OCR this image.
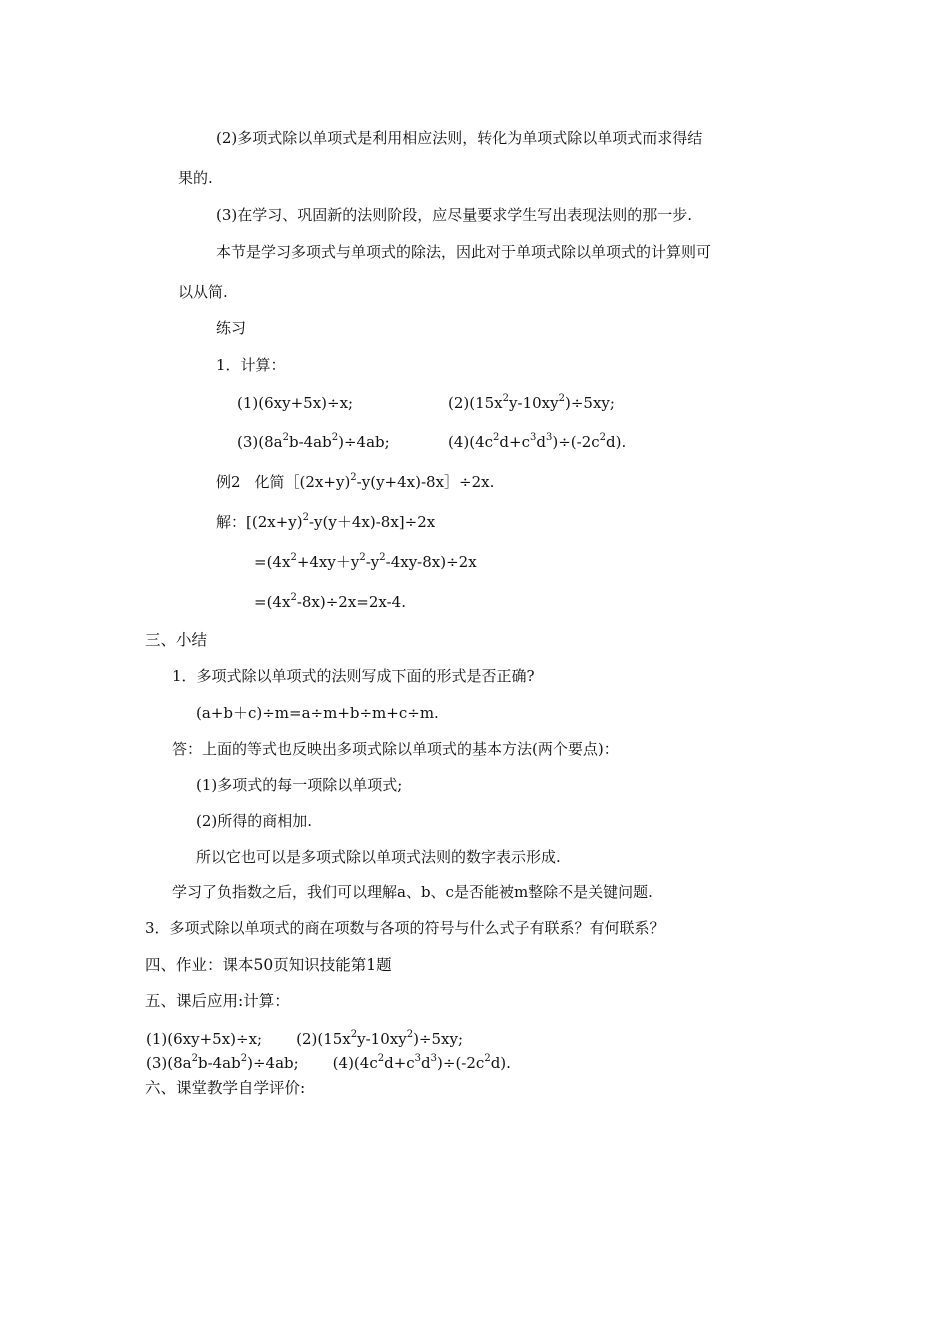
(2)多项式除以单项式是利用相应法则，转化为单项式除以单项式而求得结
果的.
(3)在学习、巩固新的法则阶段，应尽量要求学生写出表现法则的那一步.
本节是学习多项式与单项式的除法，因此对于单项式除以单项式的计算则可
以从简.
练习
1．计算：
(1)(6xy+5x)÷x;	$(2)(15x^2y-10xy^2)\div 5xy$;
$(3)(8a^2b-4ab^2)\div 4ab$;	$(4)(4c^2d+c^3d^3)\div(-2c^2d)$.
例2 化简$[(2x+y)^2-y(y+4x)-8x]\div 2x$.
解：$[(2x+y)^2-y(y+4x)-8x]\div 2x$
$=(4x^2+4xy+y^2-y^2-4xy-8x)\div 2x$
$=(4x^2-8x)\div 2x=2x-4$.
三、小结
1．多项式除以单项式的法则写成下面的形式是否正确?
(a+b＋c)÷m=a÷m+b÷m+c÷m.
答：上面的等式也反映出多项式除以单项式的基本方法(两个要点)：
(1)多项式的每一项除以单项式;
(2)所得的商相加.
所以它也可以是多项式除以单项式法则的数字表示形成.
学习了负指数之后，我们可以理解a、b、c是否能被m整除不是关键问题.
3．多项式除以单项式的商在项数与各项的符号与什么式子有联系？有何联系？
四、作业：课本50页知识技能第1题
五、课后应用:计算：
(1)(6xy+5x)÷x; $(2)(15x^2y-10xy^2)\div 5xy$;
$(3)(8a^2b-4ab^2)\div 4ab$; $(4)(4c^2d+c^3d^3)\div(-2c^2d)$.
六、课堂教学自学评价:
